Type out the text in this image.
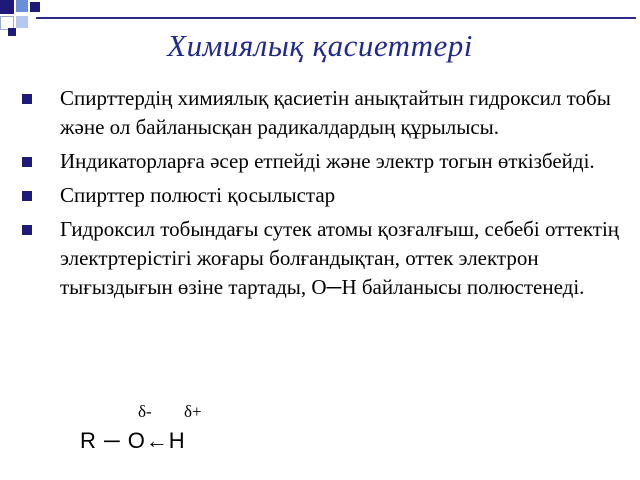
Химиялық қасиеттері
Спирттердің химиялық қасиетін анықтайтын гидроксил тобы және ол байланысқан радикалдардың құрылысы.
Индикаторларға әсер етпейді және электр тогын өткізбейді.
Спирттер полюсті қосылыстар
Гидроксил тобындағы сутек атомы қозғалғыш, себебі оттектің электртерістігі жоғары болғандықтан, оттек электрон тығыздығын өзіне тартады, О─Н байланысы полюстенеді.
δ- δ+
R ─ O←H
